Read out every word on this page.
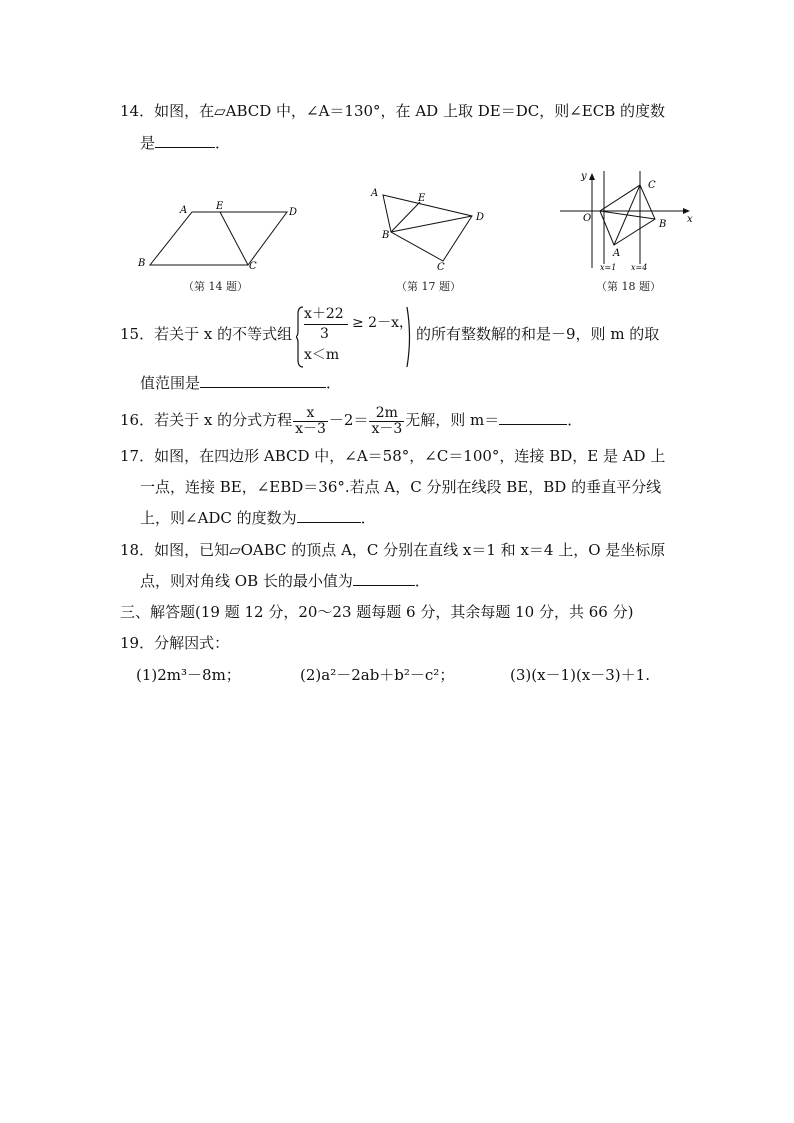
14．如图，在▱ABCD 中，∠A＝130°，在 AD 上取 DE＝DC，则∠ECB 的度数
是	．
A	E
D
B	C
（第 14 题）
A	E
D
B
C
（第 17 题）
y
x
O
A
B
C
x=1 x=4
（第 18 题）
15．若关于 x 的不等式组
x＋22
3
≥ 2－x，
x＜m
的所有整数解的和是－9，则 m 的取
值范围是	．
16．若关于 x 的分式方程 $\frac{x}{x-3} -2= \frac{2m}{x-3}$ 无解，则 m＝	．
17．如图，在四边形 ABCD 中，∠A＝58°，∠C＝100°，连接 BD，E 是 AD 上
一点，连接 BE，∠EBD＝36°.若点 A，C 分别在线段 BE，BD 的垂直平分线
上，则∠ADC 的度数为	．
18．如图，已知▱OABC 的顶点 A，C 分别在直线 x＝1 和 x＝4 上，O 是坐标原
点，则对角线 OB 长的最小值为	．
三、解答题(19 题 12 分，20～23 题每题 6 分，其余每题 10 分，共 66 分)
19．分解因式：
(1)2m³－8m；	(2)a²－2ab＋b²－c²；	(3)(x－1)(x－3)＋1.
